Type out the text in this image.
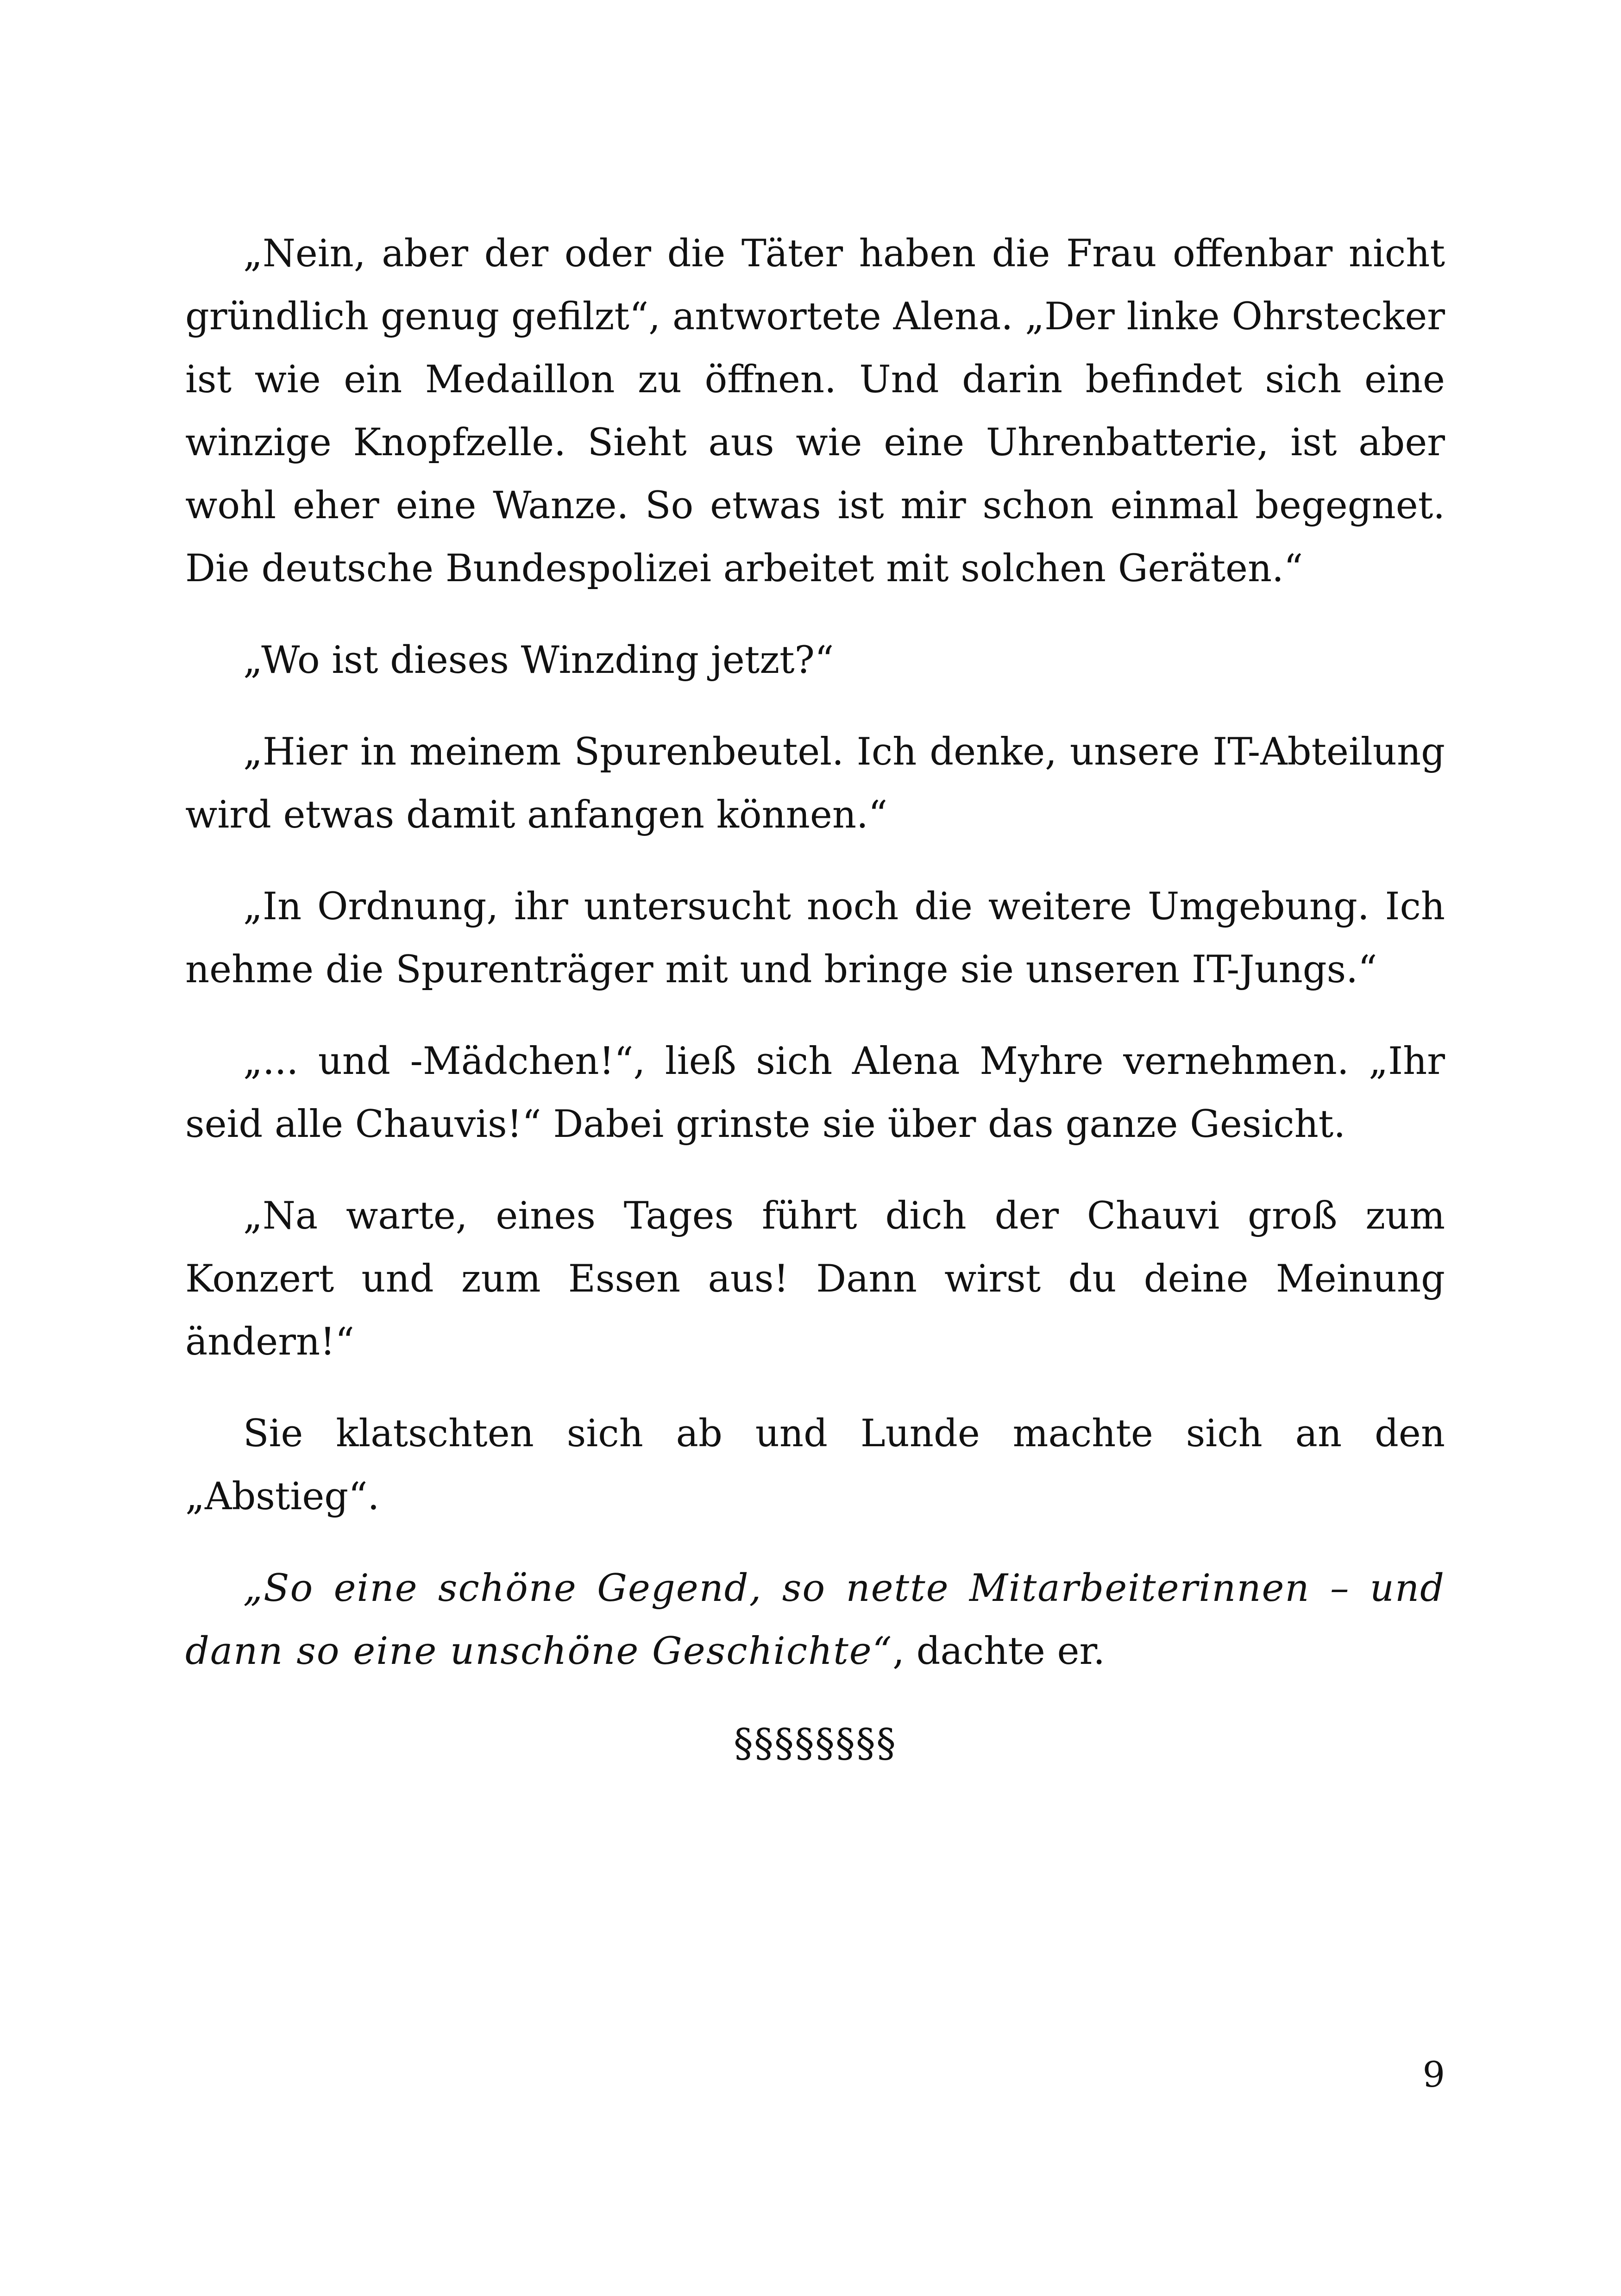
„Nein, aber der oder die Täter haben die Frau offenbar nicht gründlich genug gefilzt“, antwortete Alena. „Der linke Ohrstecker ist wie ein Medaillon zu öffnen. Und darin befindet sich eine winzige Knopfzelle. Sieht aus wie eine Uhrenbatterie, ist aber wohl eher eine Wanze. So etwas ist mir schon einmal begegnet. Die deutsche Bundespolizei arbeitet mit solchen Geräten.“

„Wo ist dieses Winzding jetzt?“

„Hier in meinem Spurenbeutel. Ich denke, unsere IT-Abteilung wird etwas damit anfangen können.“

„In Ordnung, ihr untersucht noch die weitere Umgebung. Ich nehme die Spurenträger mit und bringe sie unseren IT-Jungs.“

„... und -Mädchen!“, ließ sich Alena Myhre vernehmen. „Ihr seid alle Chauvis!“ Dabei grinste sie über das ganze Gesicht.

„Na warte, eines Tages führt dich der Chauvi groß zum Konzert und zum Essen aus! Dann wirst du deine Meinung ändern!“

Sie klatschten sich ab und Lunde machte sich an den „Abstieg“.

„So eine schöne Gegend, so nette Mitarbeiterinnen – und dann so eine unschöne Geschichte“, dachte er.

§§§§§§§§
9
